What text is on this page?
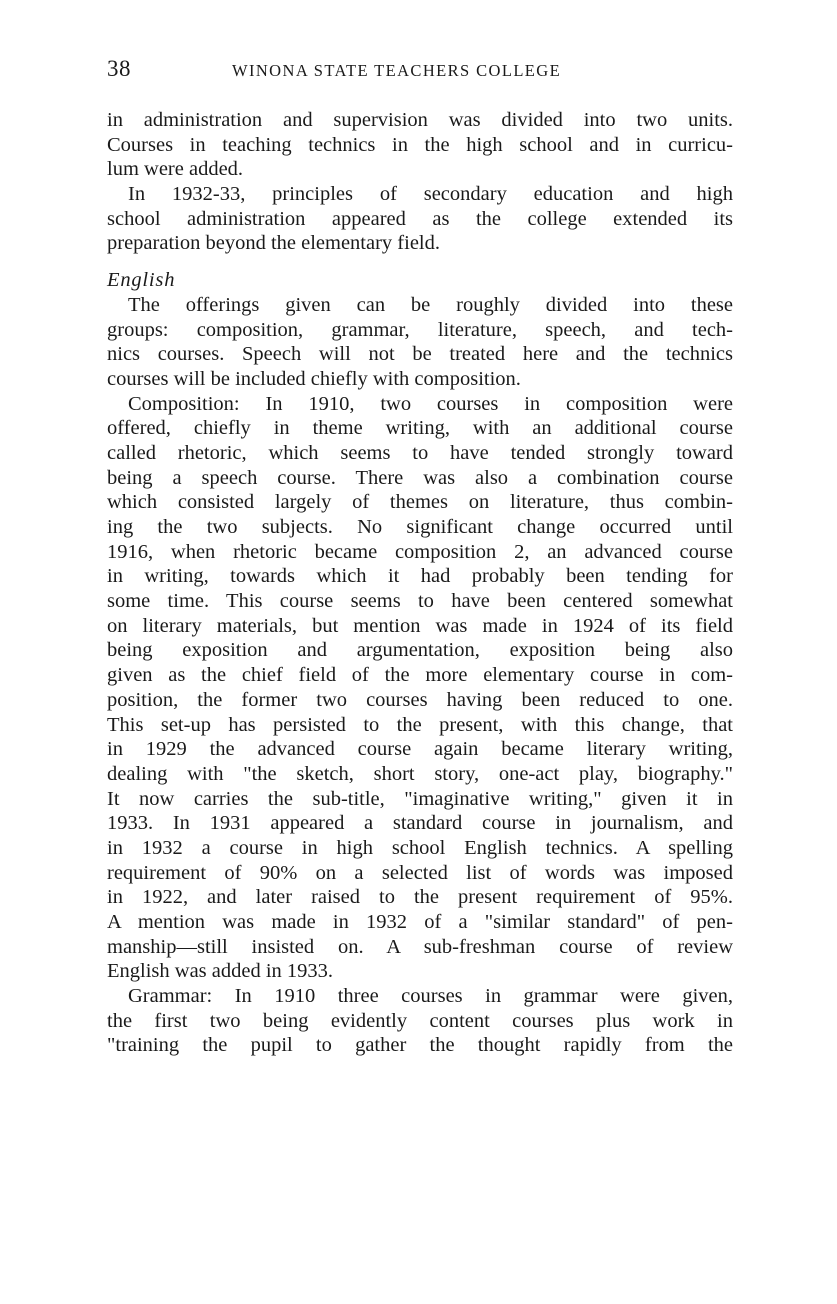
38	WINONA STATE TEACHERS COLLEGE
in administration and supervision was divided into two units.
Courses in teaching technics in the high school and in curricu-
lum were added.
In 1932-33, principles of secondary education and high
school administration appeared as the college extended its
preparation beyond the elementary field.
English
The offerings given can be roughly divided into these
groups: composition, grammar, literature, speech, and tech-
nics courses. Speech will not be treated here and the technics
courses will be included chiefly with composition.
Composition: In 1910, two courses in composition were
offered, chiefly in theme writing, with an additional course
called rhetoric, which seems to have tended strongly toward
being a speech course. There was also a combination course
which consisted largely of themes on literature, thus combin-
ing the two subjects. No significant change occurred until
1916, when rhetoric became composition 2, an advanced course
in writing, towards which it had probably been tending for
some time. This course seems to have been centered somewhat
on literary materials, but mention was made in 1924 of its field
being exposition and argumentation, exposition being also
given as the chief field of the more elementary course in com-
position, the former two courses having been reduced to one.
This set-up has persisted to the present, with this change, that
in 1929 the advanced course again became literary writing,
dealing with "the sketch, short story, one-act play, biography."
It now carries the sub-title, "imaginative writing," given it in
1933. In 1931 appeared a standard course in journalism, and
in 1932 a course in high school English technics. A spelling
requirement of 90% on a selected list of words was imposed
in 1922, and later raised to the present requirement of 95%.
A mention was made in 1932 of a "similar standard" of pen-
manship—still insisted on. A sub-freshman course of review
English was added in 1933.
Grammar: In 1910 three courses in grammar were given,
the first two being evidently content courses plus work in
"training the pupil to gather the thought rapidly from the
